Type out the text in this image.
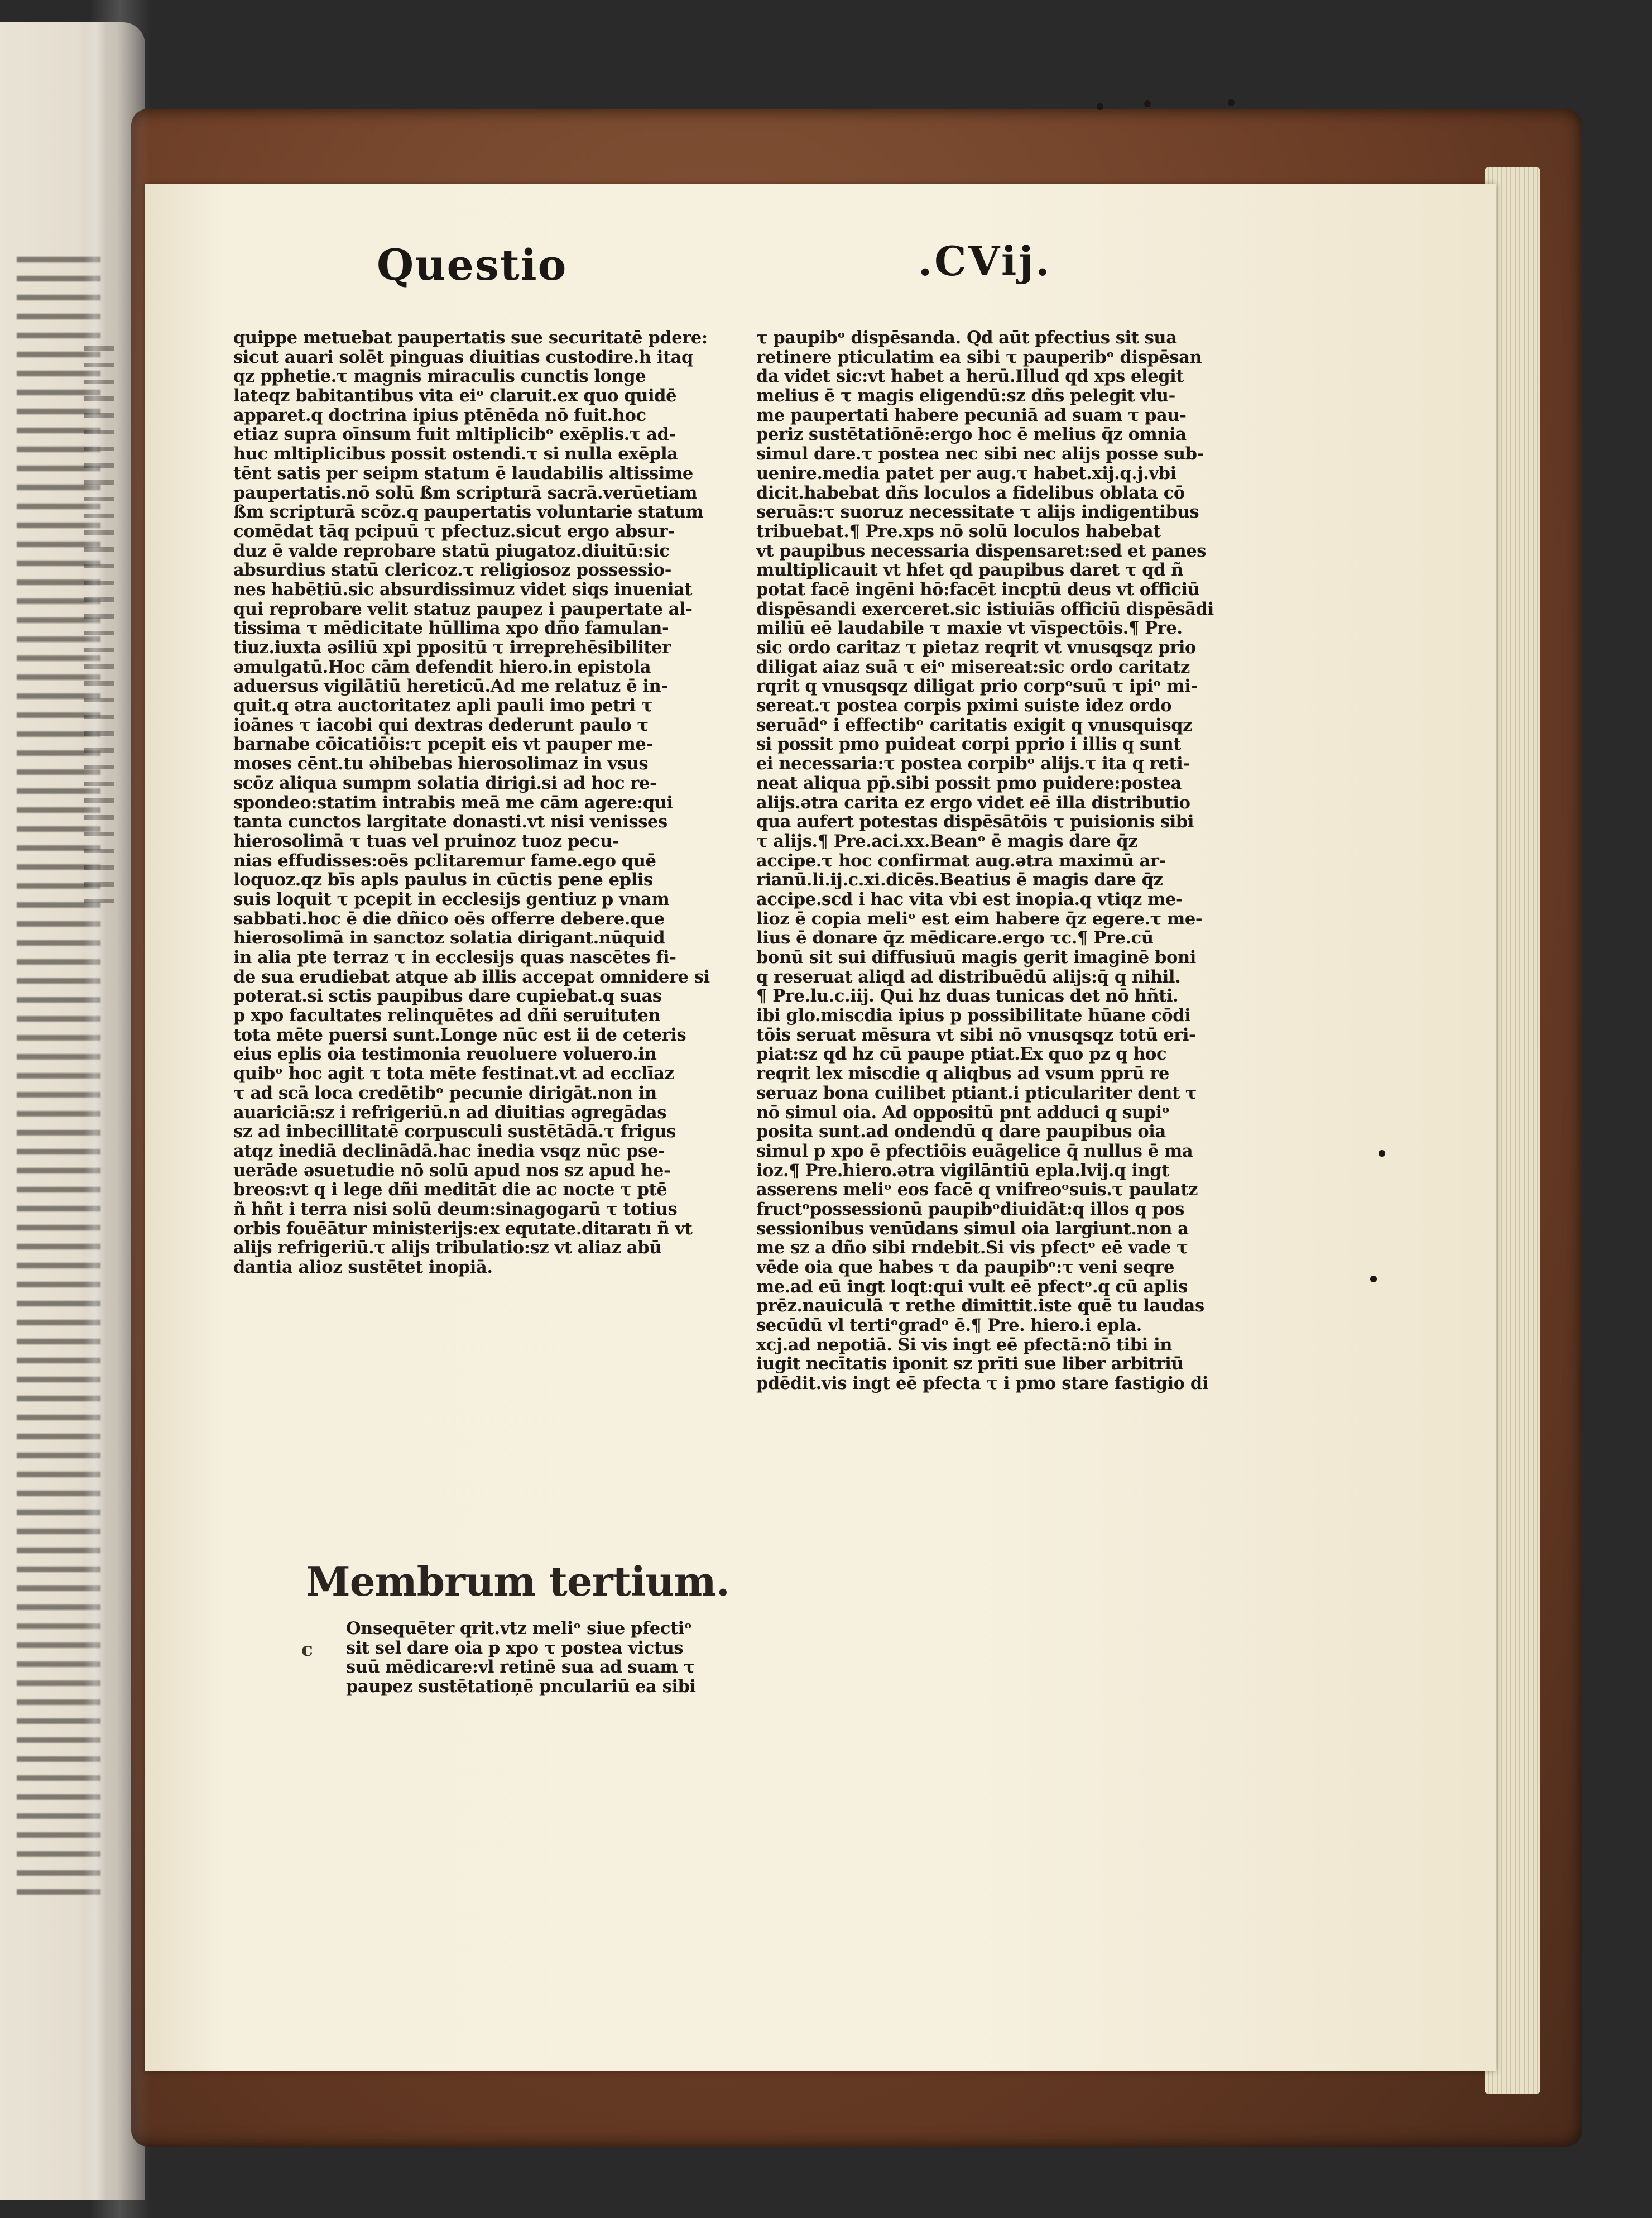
Questio	.CVij.
quippe metuebat paupertatis sue securitatē pdere:
sicut auari solēt pinguas diuitias custodire.h itaq
qz pphetie.τ magnis miraculis cunctis longe
lateqz babitantibus vita eiᵒ claruit.ex quo quidē
apparet.q doctrina ipius ptēnēda nō fuit.hoc
etiaz supra oīnsum fuit mltiplicibᵒ exēplis.τ ad-
huc mltiplicibus possit ostendi.τ si nulla exēpla
tēnt satis per seipm statum ē laudabilis altissime
paupertatis.nō solū ßm scripturā sacrā.verūetiam
ßm scripturā scōz.q paupertatis voluntarie statum
comēdat tāq pcipuū τ pfectuz.sicut ergo absur-
duz ē valde reprobare statū piugatoz.diuitū:sic
absurdius statū clericoz.τ religiosoz possessio-
nes habētiū.sic absurdissimuz videt siqs inueniat
qui reprobare velit statuz paupez i paupertate al-
tissima τ mēdicitate hūllima xpo dño famulan-
tiuz.iuxta əsiliū xpi ppositū τ irreprehēsibiliter
əmulgatū.Hoc cām defendit hiero.in epistola
aduersus vigilātiū hereticū.Ad me relatuz ē in-
quit.q ətra auctoritatez apli pauli imo petri τ
ioānes τ iacobi qui dextras dederunt paulo τ
barnabe cōicatiōis:τ pcepit eis vt pauper me-
moses cēnt.tu əhibebas hierosolimaz in vsus
scōz aliqua sumpm solatia dirigi.si ad hoc re-
spondeo:statim intrabis meā me cām agere:qui
tanta cunctos largitate donasti.vt nisi venisses
hierosolimā τ tuas vel pruinoz tuoz pecu-
nias effudisses:oēs pclitaremur fame.ego quē
loquoz.qz bīs apls paulus in cūctis pene eplis
suis loquit τ pcepit in ecclesijs gentiuz p vnam
sabbati.hoc ē die dñico oēs offerre debere.que
hierosolimā in sanctoz solatia dirigant.nūquid
in alia pte terraz τ in ecclesijs quas nascētes fi-
de sua erudiebat atque ab illis accepat omnidere si
poterat.si sctis paupibus dare cupiebat.q suas
p xpo facultates relinquētes ad dñi seruituten
tota mēte puersi sunt.Longe nūc est ii de ceteris
eius eplis oia testimonia reuoluere voluero.in
quibᵒ hoc agit τ tota mēte festinat.vt ad ecclīaz
τ ad scā loca credētibᵒ pecunie dirigāt.non in
auariciā:sz i refrigeriū.n ad diuitias əgregādas
sz ad inbecillitatē corpusculi sustētādā.τ frigus
atqz inediā declinādā.hac inedia vsqz nūc pse-
uerāde əsuetudie nō solū apud nos sz apud he-
breos:vt q i lege dñi meditāt die ac nocte τ ptē
ñ hñt i terra nisi solū deum:sinagogarū τ totius
orbis fouēātur ministerijs:ex equtate.ditaratı ñ vt
alijs refrigeriū.τ alijs tribulatio:sz vt aliaz abū
dantia alioz sustētet inopiā.
Membrum tertium.
c
Onsequēter qrit.vtz meliᵒ siue pfectiᵒ
sit sel dare oia p xpo τ postea victus
suū mēdicare:vl retinē sua ad suam τ
paupez sustētatioņē pnculariū ea sibi
τ paupibᵒ dispēsanda. Qd aūt pfectius sit sua
retinere pticulatim ea sibi τ pauperibᵒ dispēsan
da videt sic:vt habet a herū.Illud qd xps elegit
melius ē τ magis eligendū:sz dñs pelegit vlu-
me paupertati habere pecuniā ad suam τ pau-
periz sustētatiōnē:ergo hoc ē melius q̄z omnia
simul dare.τ postea nec sibi nec alijs posse sub-
uenire.media patet per aug.τ habet.xij.q.j.vbi
dicit.habebat dñs loculos a fidelibus oblata cō
seruās:τ suoruz necessitate τ alijs indigentibus
tribuebat.¶ Pre.xps nō solū loculos habebat
vt paupibus necessaria dispensaret:sed et panes
multiplicauit vt hfet qd paupibus daret τ qd ñ
potat facē ingēni hō:facēt incptū deus vt officiū
dispēsandi exerceret.sic istiuiās officiū dispēsādi
miliū eē laudabile τ maxie vt vīspectōis.¶ Pre.
sic ordo caritaz τ pietaz reqrit vt vnusqsqz prio
diligat aiaz suā τ eiᵒ misereat:sic ordo caritatz
rqrit q vnusqsqz diligat prio corpᵒsuū τ ipiᵒ mi-
sereat.τ postea corpis pximi suiste idez ordo
seruādᵒ i effectibᵒ caritatis exigit q vnusquisqz
si possit pmo puideat corpi pprio i illis q sunt
ei necessaria:τ postea corpibᵒ alijs.τ ita q reti-
neat aliqua pp̄.sibi possit pmo puidere:postea
alijs.ətra carita ez ergo videt eē illa distributio
qua aufert potestas dispēsātōis τ puisionis sibi
τ alijs.¶ Pre.aci.xx.Beanᵒ ē magis dare q̄z
accipe.τ hoc confirmat aug.ətra maximū ar-
rianū.li.ij.c.xi.dicēs.Beatius ē magis dare q̄z
accipe.scd i hac vita vbi est inopia.q vtiqz me-
lioz ē copia meliᵒ est eim habere q̄z egere.τ me-
lius ē donare q̄z mēdicare.ergo τc.¶ Pre.cū
bonū sit sui diffusiuū magis gerit imaginē boni
q reseruat aliqd ad distribuēdū alijs:q̄ q nihil.
¶ Pre.lu.c.iij. Qui hz duas tunicas det nō hñti.
ibi glo.miscdia ipius p possibilitate hūane cōdi
tōis seruat mēsura vt sibi nō vnusqsqz totū eri-
piat:sz qd hz cū paupe ptiat.Ex quo pz q hoc
reqrit lex miscdie q aliqbus ad vsum pprū re
seruaz bona cuilibet ptiant.i pticulariter dent τ
nō simul oia. Ad oppositū pnt adduci q supiᵒ
posita sunt.ad ondendū q dare paupibus oia
simul p xpo ē pfectiōis euāgelice q̄ nullus ē ma
ioz.¶ Pre.hiero.ətra vigilāntiū epla.lvij.q ingt
asserens meliᵒ eos facē q vnifreoᵒsuis.τ paulatz
fructᵒpossessionū paupibᵒdiuidāt:q illos q pos
sessionibus venūdans simul oia largiunt.non a
me sz a dño sibi rndebit.Si vis pfectᵒ eē vade τ
vēde oia que habes τ da paupibᵒ:τ veni seqre
me.ad eū ingt loqt:qui vult eē pfectᵒ.q cū aplis
prēz.nauiculā τ rethe dimittit.iste quē tu laudas
secūdū vl tertiᵒgradᵒ ē.¶ Pre. hiero.i epla.
xcj.ad nepotiā. Si vis ingt eē pfectā:nō tibi in
iugit necītatis iponit sz prīti sue liber arbitriū
pdēdit.vis ingt eē pfecta τ i pmo stare fastigio di
